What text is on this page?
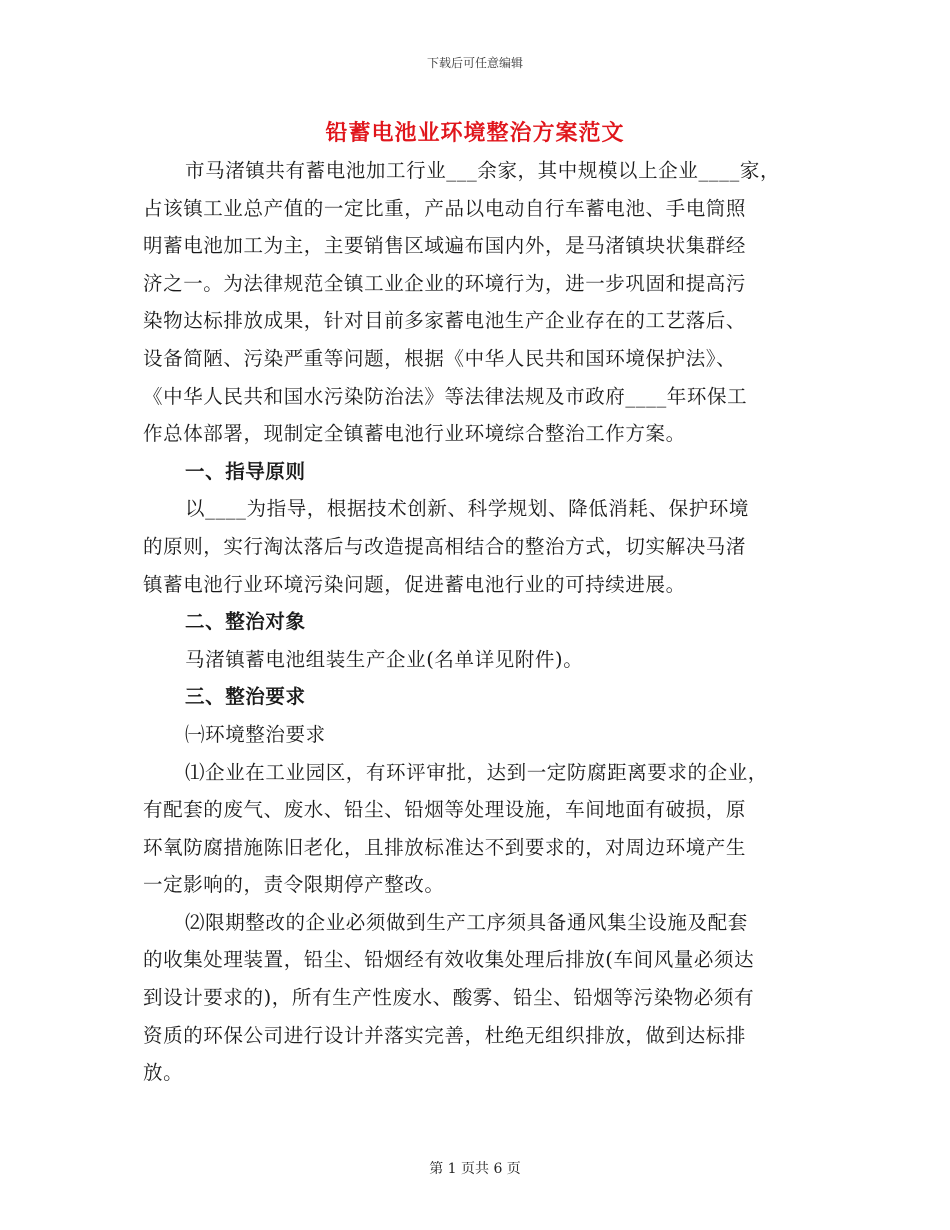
下载后可任意编辑
铅蓄电池业环境整治方案范文
市马渚镇共有蓄电池加工行业___余家，其中规模以上企业____家，
占该镇工业总产值的一定比重，产品以电动自行车蓄电池、手电筒照
明蓄电池加工为主，主要销售区域遍布国内外，是马渚镇块状集群经
济之一。为法律规范全镇工业企业的环境行为，进一步巩固和提高污
染物达标排放成果，针对目前多家蓄电池生产企业存在的工艺落后、
设备简陋、污染严重等问题，根据《中华人民共和国环境保护法》、
《中华人民共和国水污染防治法》等法律法规及市政府____年环保工
作总体部署，现制定全镇蓄电池行业环境综合整治工作方案。
一、指导原则
以____为指导，根据技术创新、科学规划、降低消耗、保护环境
的原则，实行淘汰落后与改造提高相结合的整治方式，切实解决马渚
镇蓄电池行业环境污染问题，促进蓄电池行业的可持续进展。
二、整治对象
马渚镇蓄电池组装生产企业(名单详见附件)。
三、整治要求
㈠环境整治要求
⑴企业在工业园区，有环评审批，达到一定防腐距离要求的企业，
有配套的废气、废水、铅尘、铅烟等处理设施，车间地面有破损，原
环氧防腐措施陈旧老化，且排放标准达不到要求的，对周边环境产生
一定影响的，责令限期停产整改。
⑵限期整改的企业必须做到生产工序须具备通风集尘设施及配套
的收集处理装置，铅尘、铅烟经有效收集处理后排放(车间风量必须达
到设计要求的)，所有生产性废水、酸雾、铅尘、铅烟等污染物必须有
资质的环保公司进行设计并落实完善，杜绝无组织排放，做到达标排
放。
第 1 页共 6 页
